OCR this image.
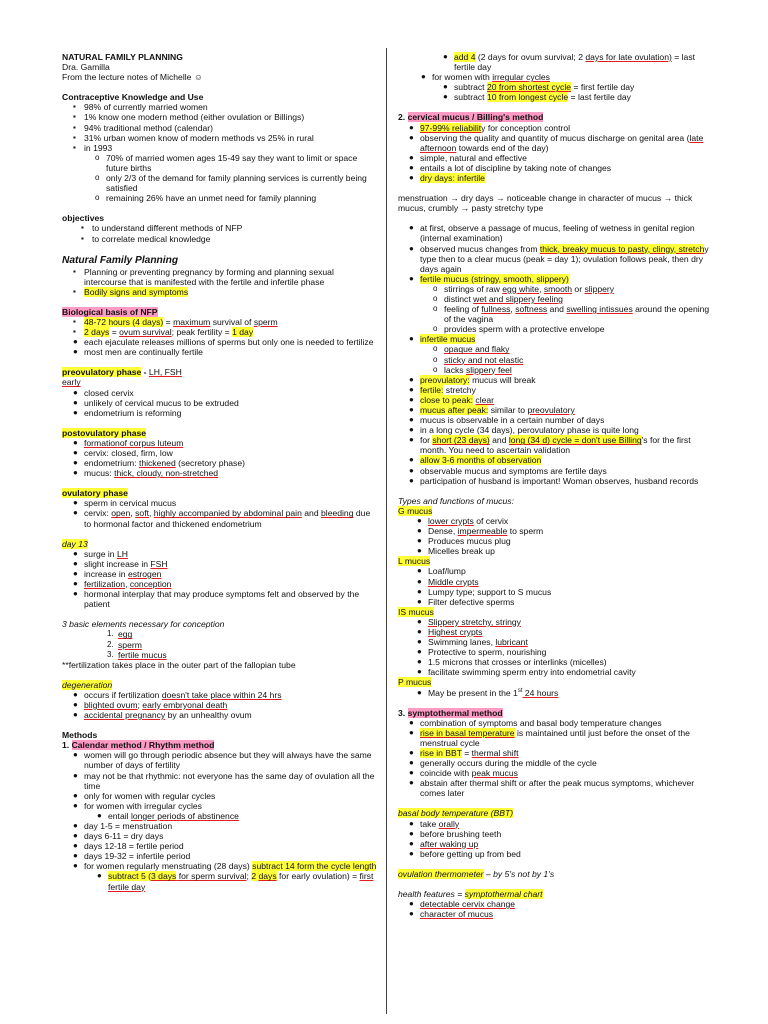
NATURAL FAMILY PLANNING

Dra. Gamilla

From the lecture notes of Michelle ☺

Contraceptive Knowledge and Use

▪ 98% of currently married women
▪ 1% know one modern method (either ovulation or Billings)
▪ 94% traditional method (calendar)
▪ 31% urban women know of modern methods vs 25% in rural
▪ in 1993
o 70% of married women ages 15-49 say they want to limit or space future births
o only 2/3 of the demand for family planning services is currently being satisfied
o remaining 26% have an unmet need for family planning

objectives

▪ to understand different methods of NFP
▪ to correlate medical knowledge

Natural Family Planning

▪ Planning or preventing pregnancy by forming and planning sexual intercourse that is manifested with the fertile and infertile phase
▪ Bodily signs and symptoms

Biological basis of NFP

▪ 48-72 hours (4 days) = maximum survival of sperm
▪ 2 days = ovum survival; peak fertility = 1 day
● each ejaculate releases millions of sperms but only one is needed to fertilize
● most men are continually fertile

preovulatory phase - LH, FSH

early

● closed cervix
● unlikely of cervical mucus to be extruded
● endometrium is reforming

postovulatory phase

● formationof corpus luteum
● cervix: closed, firm, low
● endometrium: thickened (secretory phase)
● mucus: thick, cloudy, non-stretched

ovulatory phase

● sperm in cervical mucus
● cervix: open, soft, highly accompanied by abdominal pain and bleeding due to hormonal factor and thickened endometrium

day 13

● surge in LH
● slight increase in FSH
● increase in estrogen
● fertilization, conception
● hormonal interplay that may produce symptoms felt and observed by the patient

3 basic elements necessary for conception

1. egg
2. sperm
3. fertile mucus

**fertilization takes place in the outer part of the fallopian tube

degeneration

● occurs if fertilization doesn't take place within 24 hrs
● blighted ovum; early embryonal death
● accidental pregnancy by an unhealthy ovum

Methods

1. Calendar method / Rhythm method

● women will go through periodic absence but they will always have the same number of days of fertility
● may not be that rhythmic: not everyone has the same day of ovulation all the time
● only for women with regular cycles
● for women with irregular cycles
● entail longer periods of abstinence
● day 1-5 = menstruation
● days 6-11 = dry days
● days 12-18 = fertile period
● days 19-32 = infertile period
● for women regularly menstruating (28 days) subtract 14 form the cycle length
● subtract 5 (3 days for sperm survival; 2 days for early ovulation) = first fertile day
● add 4 (2 days for ovum survival; 2 days for late ovulation) = last fertile day
● for women with irregular cycles
● subtract 20 from shortest cycle = first fertile day
● subtract 10 from longest cycle = last fertile day

2. cervical mucus / Billing's method

● 97-99% reliability for conception control
● observing the quality and quantity of mucus discharge on genital area (late afternoon towards end of the day)
● simple, natural and effective
● entails a lot of discipline by taking note of changes
● dry days: infertile

menstruation → dry days → noticeable change in character of mucus → thick mucus, crumbly → pasty stretchy type

● at first, observe a passage of mucus, feeling of wetness in genital region (internal examination)
● observed mucus changes from thick, breaky mucus to pasty, clingy, stretchy type then to a clear mucus (peak = day 1); ovulation follows peak, then dry days again
● fertile mucus (stringy, smooth, slippery)
o stirrings of raw egg white, smooth or slippery
o distinct wet and slippery feeling
o feeling of fullness, softness and swelling intissues around the opening of the vagina
o provides sperm with a protective envelope
● infertile mucus
o opaque and flaky
o sticky and not elastic
o lacks slippery feel
● preovulatory: mucus will break
● fertile: stretchy
● close to peak: clear
● mucus after peak: similar to preovulatory
● mucus is observable in a certain number of days
● in a long cycle (34 days), perovulatory phase is quite long
● for short (23 days) and long (34 d) cycle = don't use Billing's for the first month. You need to ascertain validation
● allow 3-6 months of observation
● observable mucus and symptoms are fertile days
● participation of husband is important! Woman observes, husband records

Types and functions of mucus:

G mucus

● lower crypts of cervix
● Dense, impermeable to sperm
● Produces mucus plug
● Micelles break up

L mucus

● Loaf/lump
● Middle crypts
● Lumpy type; support to S mucus
● Filter defective sperms

IS mucus

● Slippery stretchy, stringy
● Highest crypts
● Swimming lanes, lubricant
● Protective to sperm, nourishing
● 1.5 microns that crosses or interlinks (micelles)
● facilitate swimming sperm entry into endometrial cavity

P mucus

● May be present in the 1st 24 hours

3. symptothermal method

● combination of symptoms and basal body temperature changes
● rise in basal temperature is maintained until just before the onset of the menstrual cycle
● rise in BBT = thermal shift
● generally occurs during the middle of the cycle
● coincide with peak mucus
● abstain after thermal shift or after the peak mucus symptoms, whichever comes later

basal body temperature (BBT)

● take orally
● before brushing teeth
● after waking up
● before getting up from bed

ovulation thermometer – by 5's not by 1's

health features = symptothermal chart

● detectable cervix change
● character of mucus
